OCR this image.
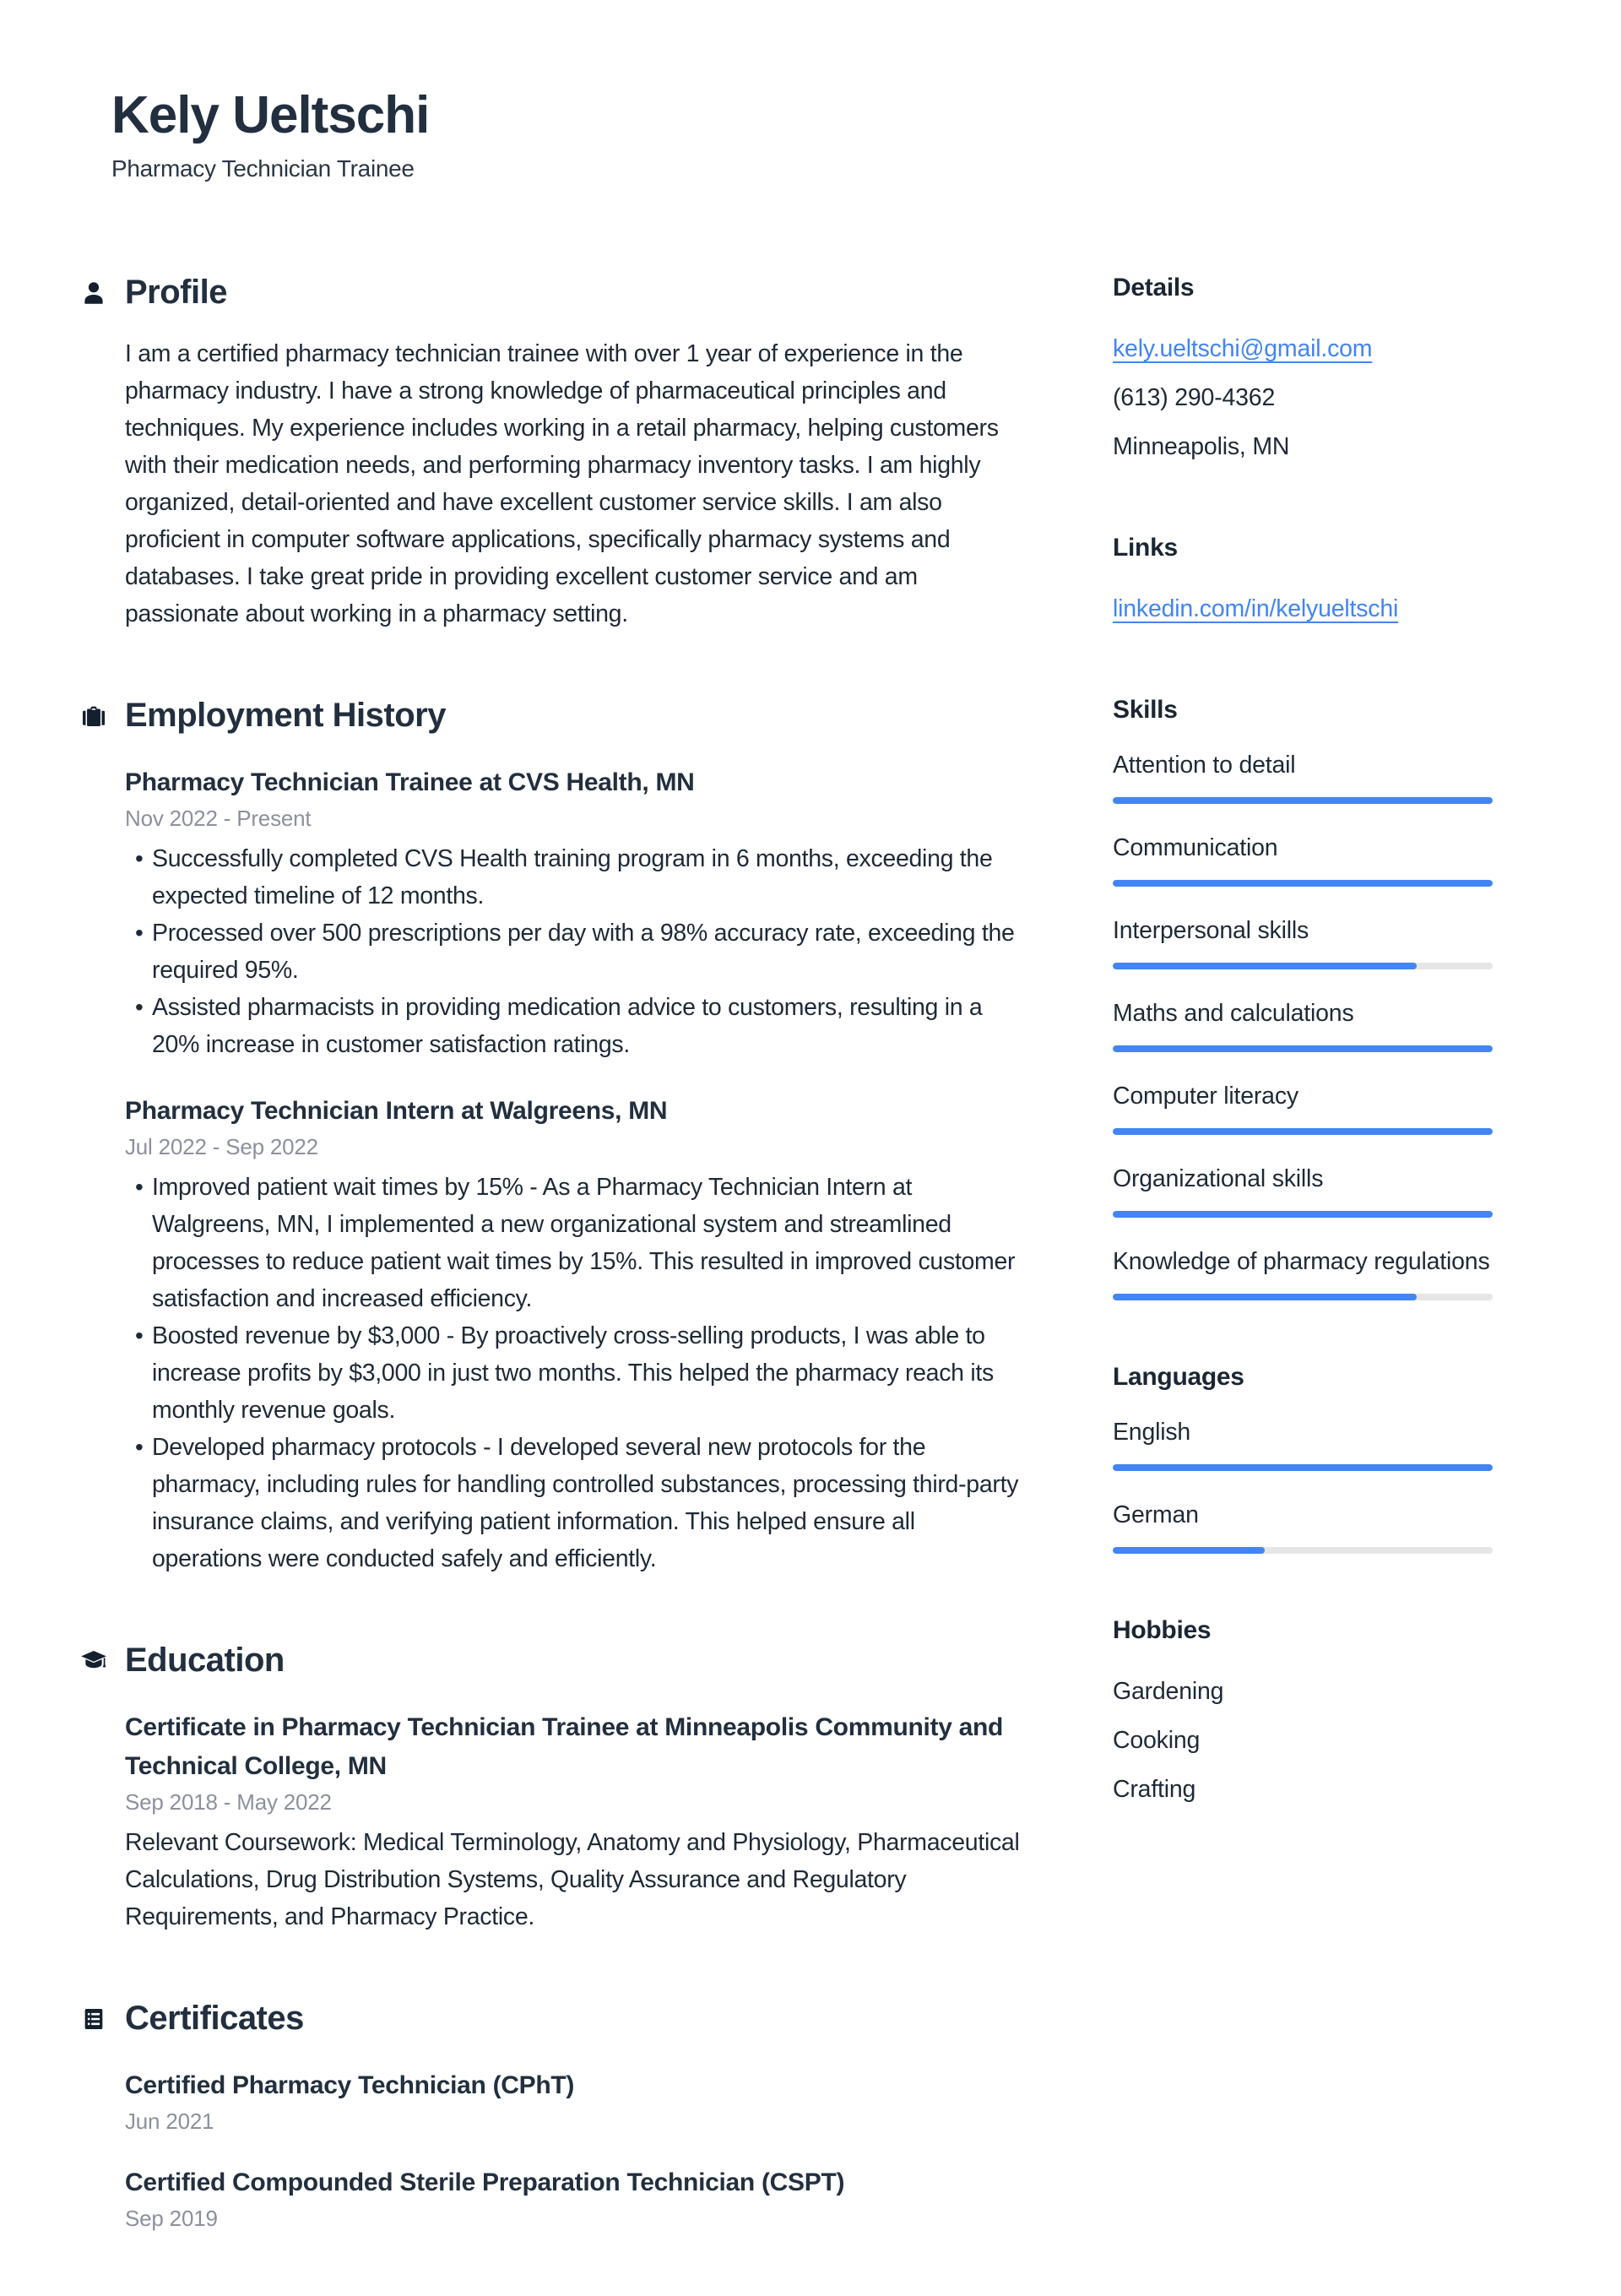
Kely Ueltschi
Pharmacy Technician Trainee
Profile

I am a certified pharmacy technician trainee with over 1 year of experience in the pharmacy industry. I have a strong knowledge of pharmaceutical principles and techniques. My experience includes working in a retail pharmacy, helping customers with their medication needs, and performing pharmacy inventory tasks. I am highly organized, detail-oriented and have excellent customer service skills. I am also proficient in computer software applications, specifically pharmacy systems and databases. I take great pride in providing excellent customer service and am passionate about working in a pharmacy setting.

Employment History
Pharmacy Technician Trainee at CVS Health, MN
Nov 2022 - Present
• Successfully completed CVS Health training program in 6 months, exceeding the expected timeline of 12 months.
• Processed over 500 prescriptions per day with a 98% accuracy rate, exceeding the required 95%.
• Assisted pharmacists in providing medication advice to customers, resulting in a 20% increase in customer satisfaction ratings.
Pharmacy Technician Intern at Walgreens, MN
Jul 2022 - Sep 2022
• Improved patient wait times by 15% - As a Pharmacy Technician Intern at Walgreens, MN, I implemented a new organizational system and streamlined processes to reduce patient wait times by 15%. This resulted in improved customer satisfaction and increased efficiency.
• Boosted revenue by $3,000 - By proactively cross-selling products, I was able to increase profits by $3,000 in just two months. This helped the pharmacy reach its monthly revenue goals.
• Developed pharmacy protocols - I developed several new protocols for the pharmacy, including rules for handling controlled substances, processing third-party insurance claims, and verifying patient information. This helped ensure all operations were conducted safely and efficiently.
Education
Certificate in Pharmacy Technician Trainee at Minneapolis Community and Technical College, MN
Sep 2018 - May 2022

Relevant Coursework: Medical Terminology, Anatomy and Physiology, Pharmaceutical Calculations, Drug Distribution Systems, Quality Assurance and Regulatory Requirements, and Pharmacy Practice.

Certificates
Certified Pharmacy Technician (CPhT)
Jun 2021
Certified Compounded Sterile Preparation Technician (CSPT)
Sep 2019
Details
kely.ueltschi@gmail.com
(613) 290-4362
Minneapolis, MN
Links
linkedin.com/in/kelyueltschi
Skills
Attention to detail
Communication
Interpersonal skills
Maths and calculations
Computer literacy
Organizational skills
Knowledge of pharmacy regulations
Languages
English
German
Hobbies
Gardening
Cooking
Crafting
